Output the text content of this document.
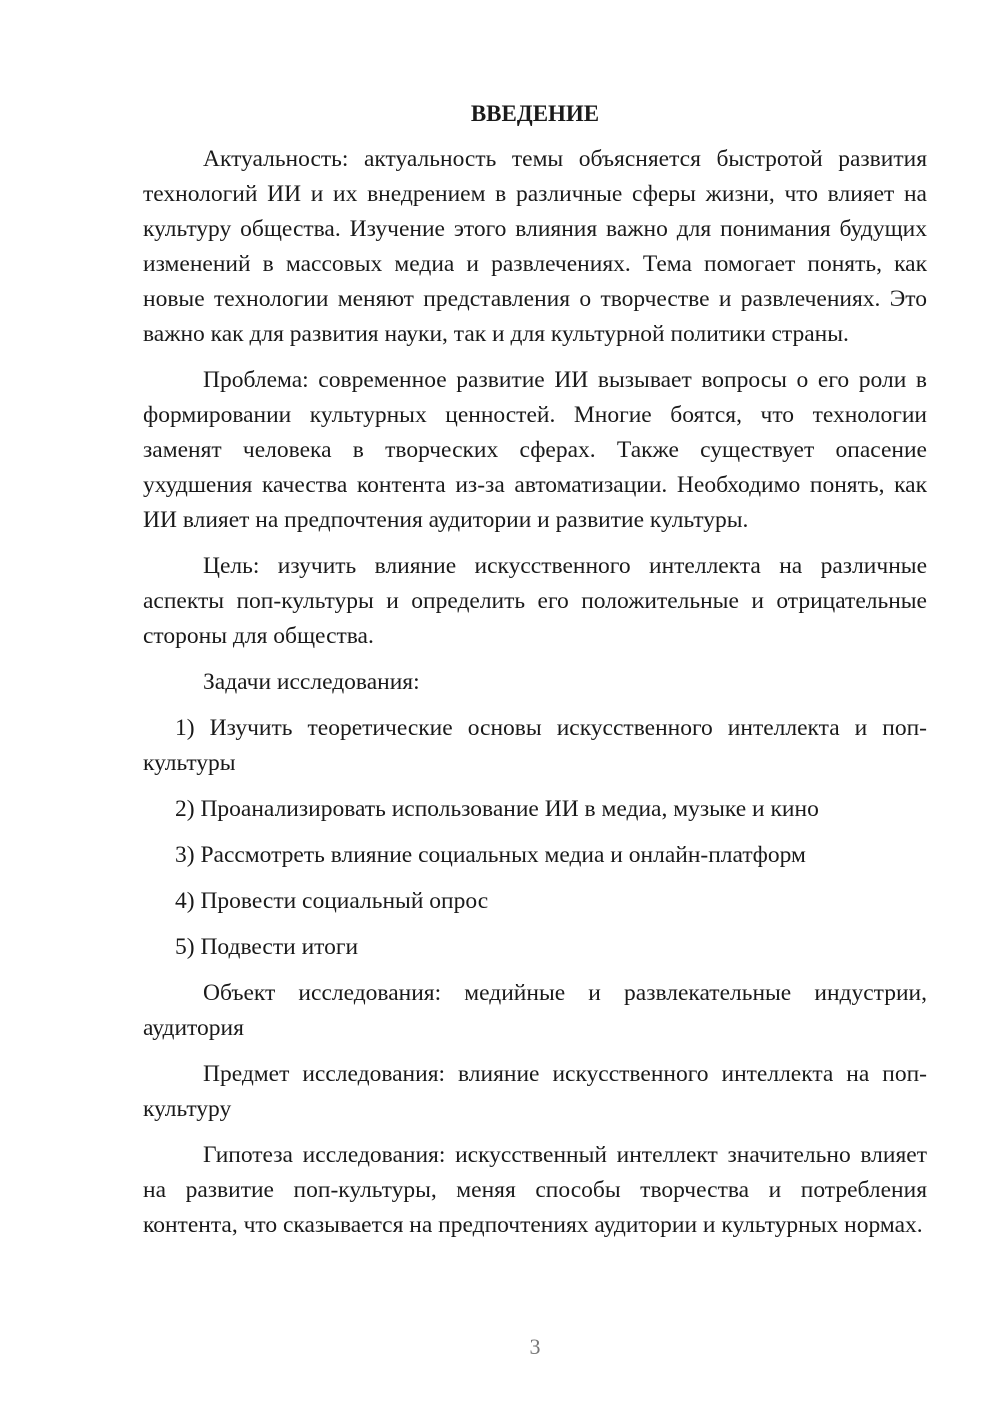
ВВЕДЕНИЕ

Актуальность: актуальность темы объясняется быстротой развития технологий ИИ и их внедрением в различные сферы жизни, что влияет на культуру общества. Изучение этого влияния важно для понимания будущих изменений в массовых медиа и развлечениях. Тема помогает понять, как новые технологии меняют представления о творчестве и развлечениях. Это важно как для развития науки, так и для культурной политики страны.

Проблема: современное развитие ИИ вызывает вопросы о его роли в формировании культурных ценностей. Многие боятся, что технологии заменят человека в творческих сферах. Также существует опасение ухудшения качества контента из-за автоматизации. Необходимо понять, как ИИ влияет на предпочтения аудитории и развитие культуры.

Цель: изучить влияние искусственного интеллекта на различные аспекты поп-культуры и определить его положительные и отрицательные стороны для общества.

Задачи исследования:

1) Изучить теоретические основы искусственного интеллекта и поп-культуры

2) Проанализировать использование ИИ в медиа, музыке и кино

3) Рассмотреть влияние социальных медиа и онлайн-платформ

4) Провести социальный опрос

5) Подвести итоги

Объект исследования: медийные и развлекательные индустрии, аудитория

Предмет исследования: влияние искусственного интеллекта на поп-культуру

Гипотеза исследования: искусственный интеллект значительно влияет на развитие поп-культуры, меняя способы творчества и потребления контента, что сказывается на предпочтениях аудитории и культурных нормах.

3
